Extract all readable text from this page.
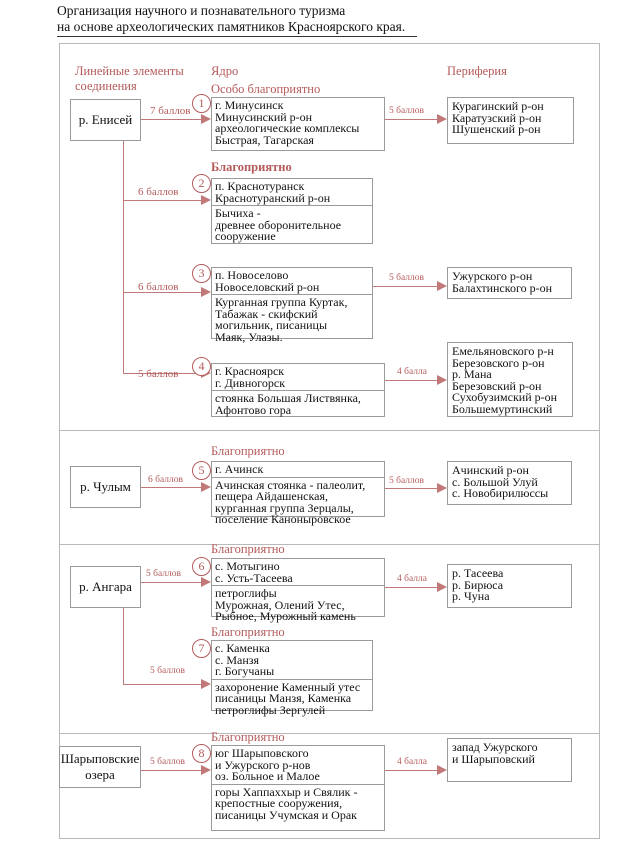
Организация научного и познавательного туризма
на основе археологических памятников Красноярского края.
Линейные элементы
соединения
Ядро	Периферия
р. Енисей
р. Чулым
р. Ангара
Шарыповские
озера
Особо благоприятно
7 баллов
1 г. Минусинск
Минусинский р-он
археологические комплексы
Быстрая, Тагарская
5 баллов	Курагинский р-он
Каратузский р-он
Шушенский р-он
Благоприятно
6 баллов
2 п. Краснотуранск
Краснотуранский р-он
Бычиха -
древнее оборонительное
сооружение
6 баллов
3 п. Новоселово
Новоселовский р-он
Курганная группа Куртак,
Табажак - скифский
могильник, писаницы
Маяк, Улазы.
5 баллов	Ужурского р-он
Балахтинского р-он
5 баллов
4 г. Красноярск
г. Дивногорск
стоянка Большая Листвянка,
Афонтово гора
4 балла
Емельяновского р-н
Березовского р-он
р. Мана
Березовский р-он
Сухобузимский р-он
Большемуртинский
Благоприятно
6 баллов
5 г. Ачинск
Ачинская стоянка - палеолит,
пещера Айдашенская,
курганная группа Зерцалы,
поселение Каноныровское
5 баллов
Ачинский р-он
с. Большой Улуй
с. Новобирилюссы
Благоприятно
5 баллов
6 с. Мотыгино
с. Усть-Тасеева
петроглифы
Мурожная, Олений Утес,
Рыбное, Мурожный камень
4 балла	р. Тасеева
р. Бирюса
р. Чуна
Благоприятно
7
5 баллов
с. Каменка
с. Манзя
г. Богучаны
захоронение Каменный утес
писаницы Манзя, Каменка
петроглифы Зергулей
Благоприятно
5 баллов
8 юг Шарыповского
и Ужурского р-нов
оз. Больное и Малое
горы Хаппаххыр и Свялик -
крепостные сооружения,
писаницы Учумская и Орак
4 балла
запад Ужурского
и Шарыповский
